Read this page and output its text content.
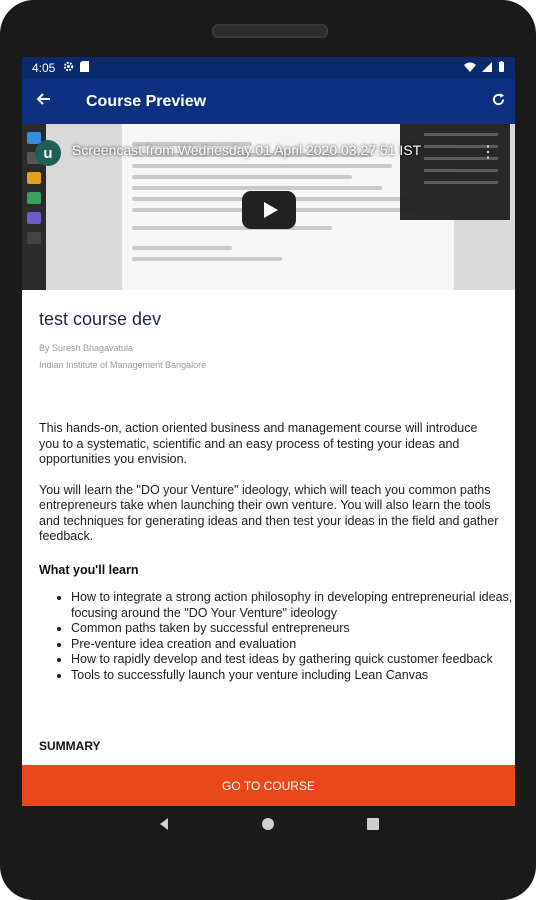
4:05
Course Preview
u	Screencast from Wednesday 01 April 2020 03:27:51 IST	⋮
test course dev
By Suresh Bhagavatula
Indian Institute of Management Bangalore

This hands-on, action oriented business and management course will introduce you to a systematic, scientific and an easy process of testing your ideas and opportunities you envision.

You will learn the "DO your Venture" ideology, which will teach you common paths entrepreneurs take when launching their own venture. You will also learn the tools and techniques for generating ideas and then test your ideas in the field and gather feedback.

What you'll learn
• How to integrate a strong action philosophy in developing entrepreneurial ideas, focusing around the "DO Your Venture" ideology
• Common paths taken by successful entrepreneurs
• Pre-venture idea creation and evaluation
• How to rapidly develop and test ideas by gathering quick customer feedback
• Tools to successfully launch your venture including Lean Canvas
SUMMARY
GO TO COURSE
